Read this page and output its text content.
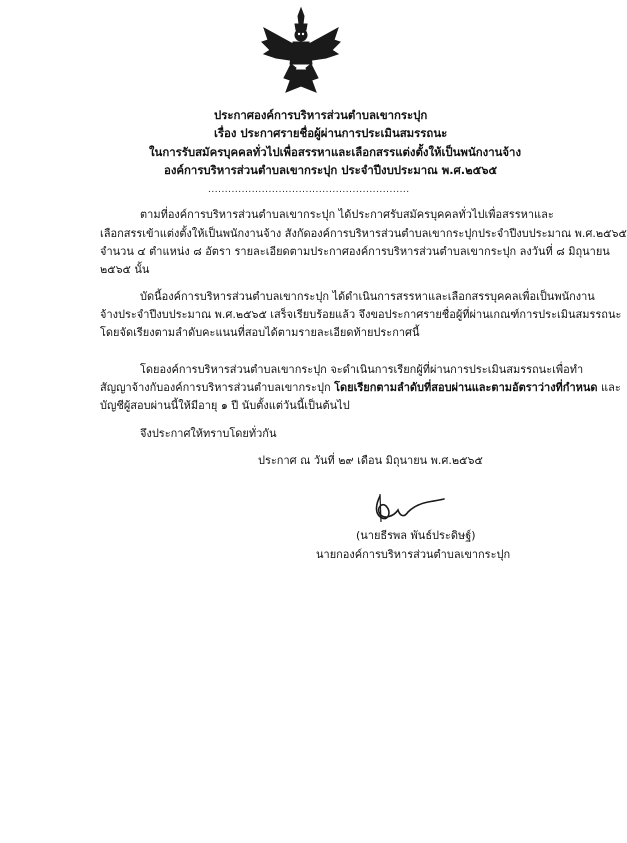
ประกาศองค์การบริหารส่วนตำบลเขากระปุก
เรื่อง ประกาศรายชื่อผู้ผ่านการประเมินสมรรถนะ
ในการรับสมัครบุคคลทั่วไปเพื่อสรรหาและเลือกสรรแต่งตั้งให้เป็นพนักงานจ้าง
องค์การบริหารส่วนตำบลเขากระปุก ประจำปีงบประมาณ พ.ศ.๒๕๖๕
............................................................
ตามที่องค์การบริหารส่วนตำบลเขากระปุก ได้ประกาศรับสมัครบุคคลทั่วไปเพื่อสรรหาและ
เลือกสรรเข้าแต่งตั้งให้เป็นพนักงานจ้าง สังกัดองค์การบริหารส่วนตำบลเขากระปุกประจำปีงบประมาณ พ.ศ.๒๕๖๕
จำนวน ๔ ตำแหน่ง ๘ อัตรา รายละเอียดตามประกาศองค์การบริหารส่วนตำบลเขากระปุก ลงวันที่ ๘ มิถุนายน
๒๕๖๕ นั้น
บัดนี้องค์การบริหารส่วนตำบลเขากระปุก ได้ดำเนินการสรรหาและเลือกสรรบุคคลเพื่อเป็นพนักงาน
จ้างประจำปีงบประมาณ พ.ศ.๒๕๖๕ เสร็จเรียบร้อยแล้ว จึงขอประกาศรายชื่อผู้ที่ผ่านเกณฑ์การประเมินสมรรถนะ
โดยจัดเรียงตามลำดับคะแนนที่สอบได้ตามรายละเอียดท้ายประกาศนี้
โดยองค์การบริหารส่วนตำบลเขากระปุก จะดำเนินการเรียกผู้ที่ผ่านการประเมินสมรรถนะเพื่อทำ
สัญญาจ้างกับองค์การบริหารส่วนตำบลเขากระปุก โดยเรียกตามลำดับที่สอบผ่านและตามอัตราว่างที่กำหนด และ
บัญชีผู้สอบผ่านนี้ให้มีอายุ ๑ ปี นับตั้งแต่วันนี้เป็นต้นไป
จึงประกาศให้ทราบโดยทั่วกัน
ประกาศ ณ วันที่ ๒๙ เดือน มิถุนายน พ.ศ.๒๕๖๕
(นายธีรพล พันธ์ประดิษฐ์)
นายกองค์การบริหารส่วนตำบลเขากระปุก
